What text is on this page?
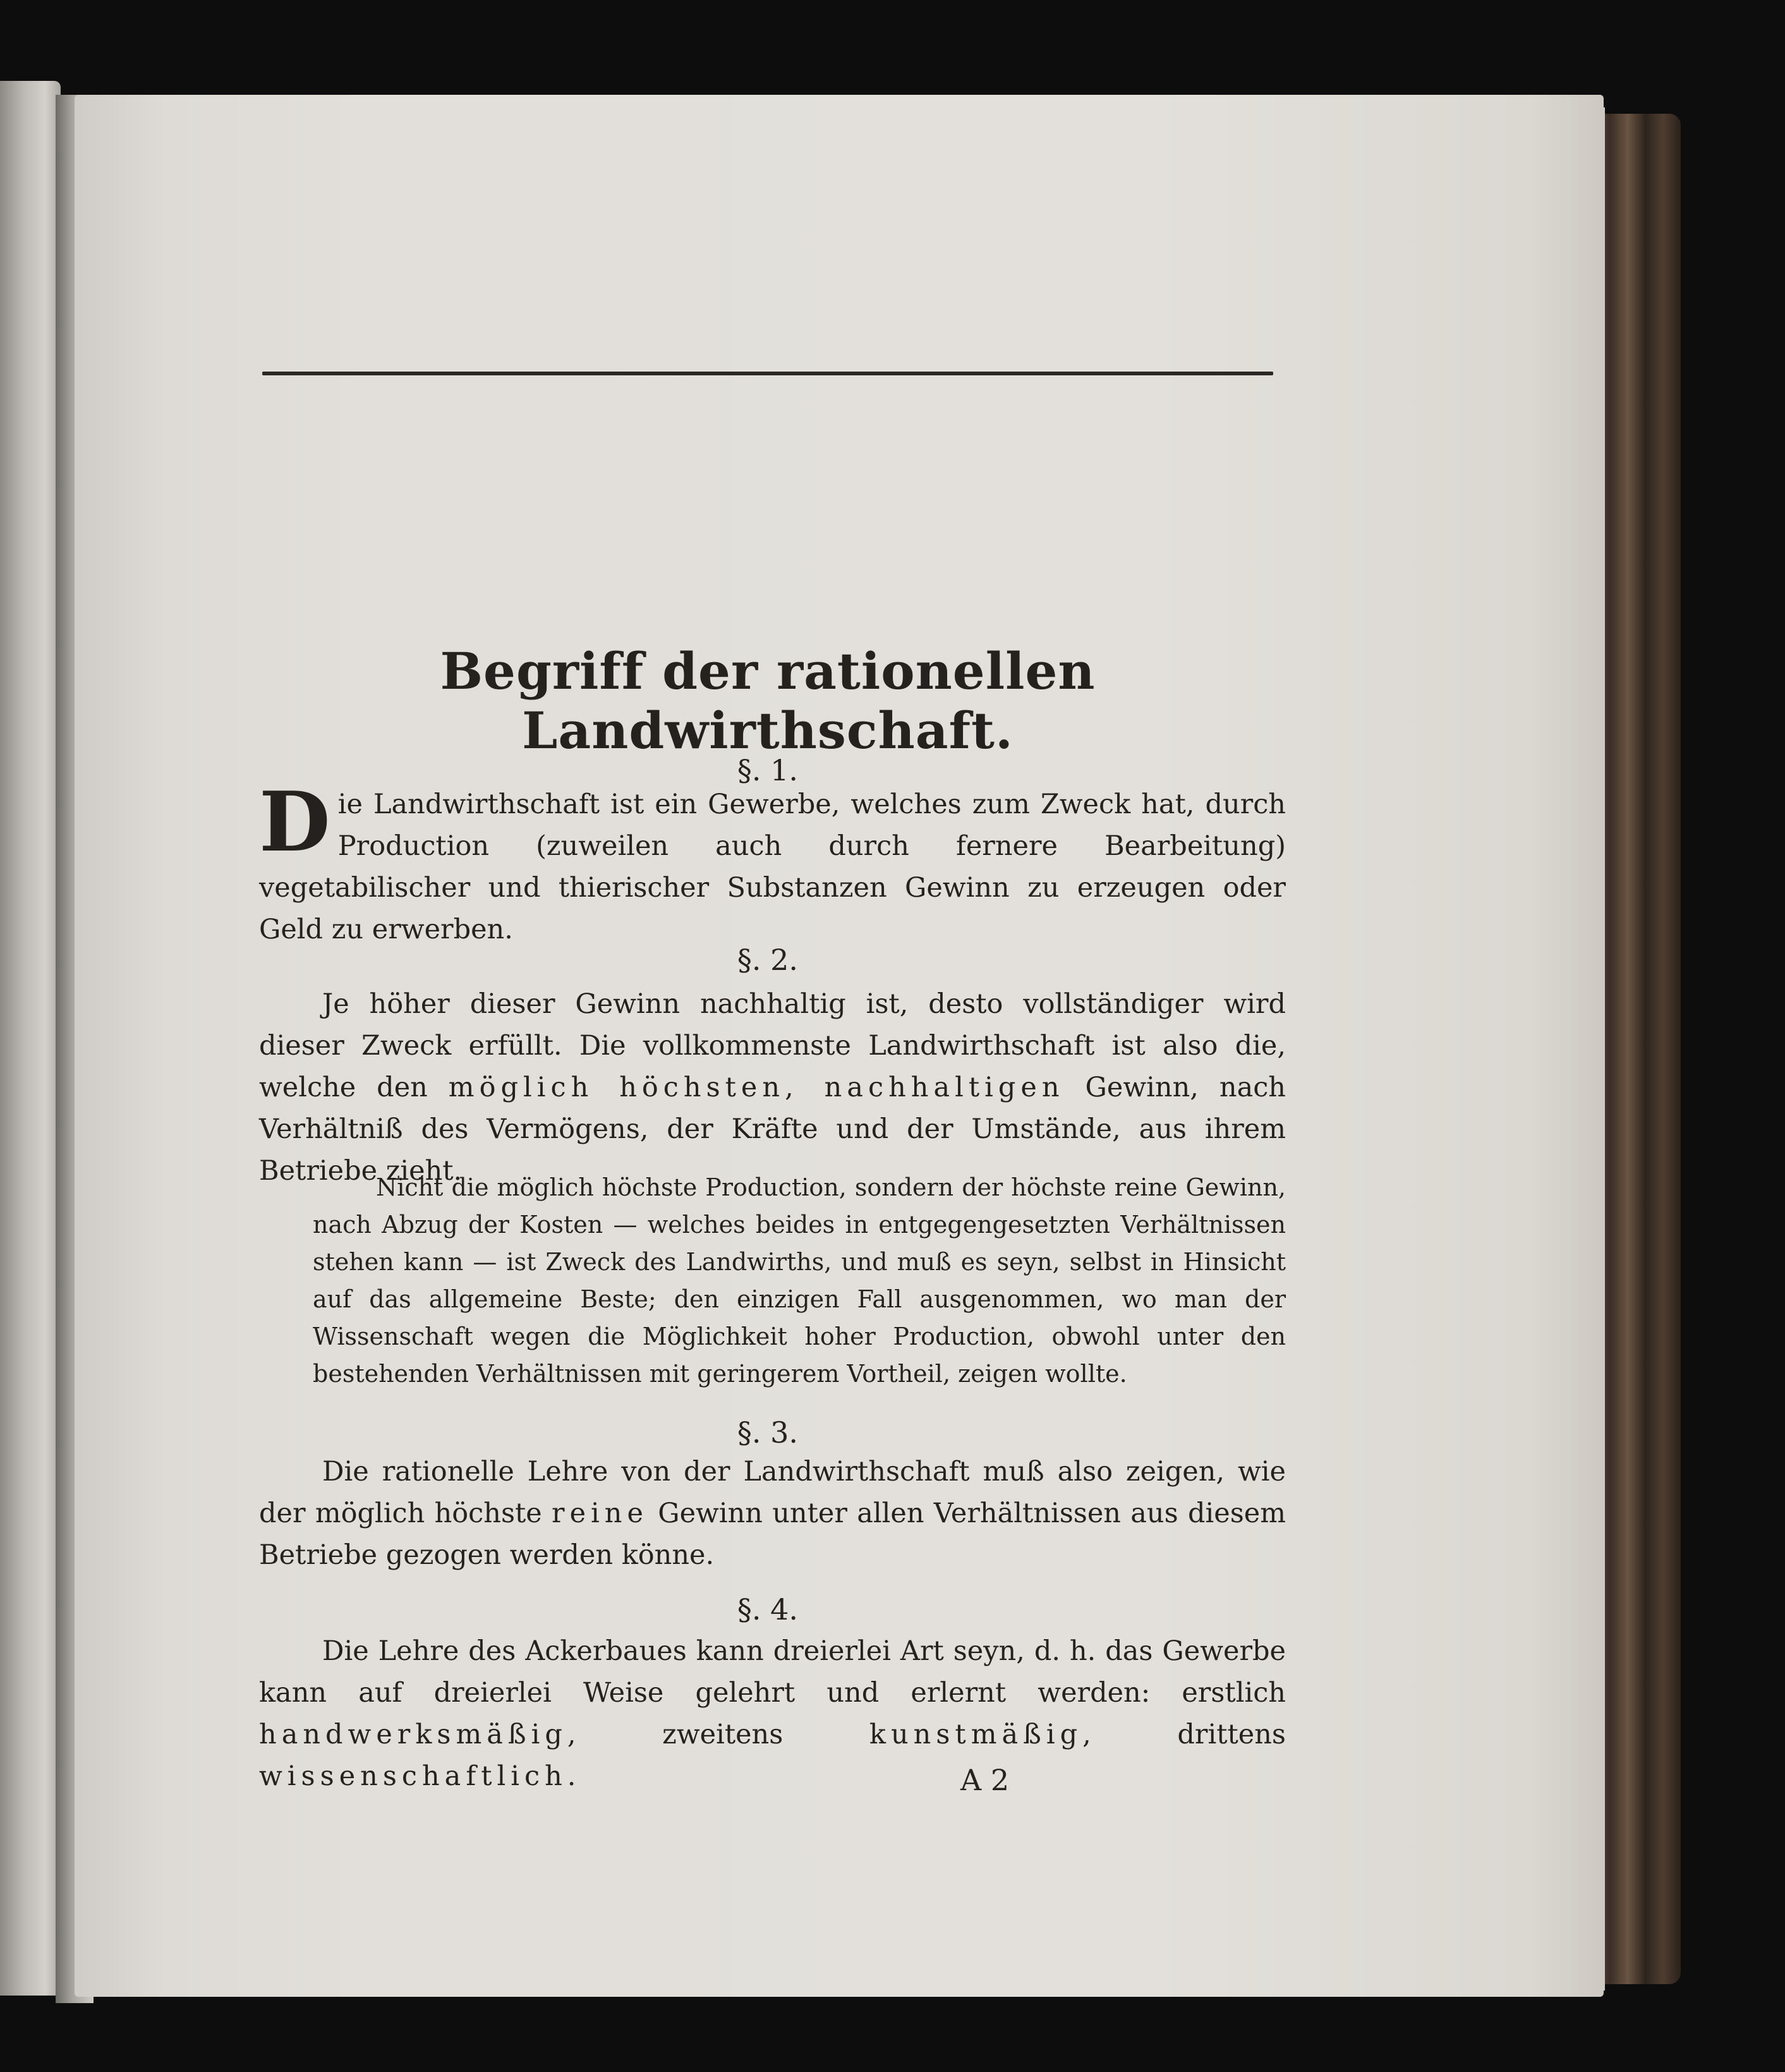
Begriff der rationellen Landwirthschaft.
§. 1.
Die Landwirthschaft ist ein Gewerbe, welches zum Zweck hat, durch Production (zuweilen auch durch fernere Bearbeitung) vegetabilischer und thierischer Substanzen Gewinn zu erzeugen oder Geld zu erwerben.
§. 2.
Je höher dieser Gewinn nachhaltig ist, desto vollständiger wird dieser Zweck erfüllt. Die vollkommenste Landwirthschaft ist also die, welche den möglich höchsten, nachhaltigen Gewinn, nach Verhältniß des Vermögens, der Kräfte und der Umstände, aus ihrem Betriebe zieht.
Nicht die möglich höchste Production, sondern der höchste reine Gewinn, nach Abzug der Kosten — welches beides in entgegengesetzten Verhältnissen stehen kann — ist Zweck des Landwirths, und muß es seyn, selbst in Hinsicht auf das allgemeine Beste; den einzigen Fall ausgenommen, wo man der Wissenschaft wegen die Möglichkeit hoher Production, obwohl unter den bestehenden Verhältnissen mit geringerem Vortheil, zeigen wollte.
§. 3.
Die rationelle Lehre von der Landwirthschaft muß also zeigen, wie der möglich höchste reine Gewinn unter allen Verhältnissen aus diesem Betriebe gezogen werden könne.
§. 4.
Die Lehre des Ackerbaues kann dreierlei Art seyn, d. h. das Gewerbe kann auf dreierlei Weise gelehrt und erlernt werden: erstlich handwerksmäßig, zweitens kunstmäßig, drittens wissenschaftlich.	A 2
